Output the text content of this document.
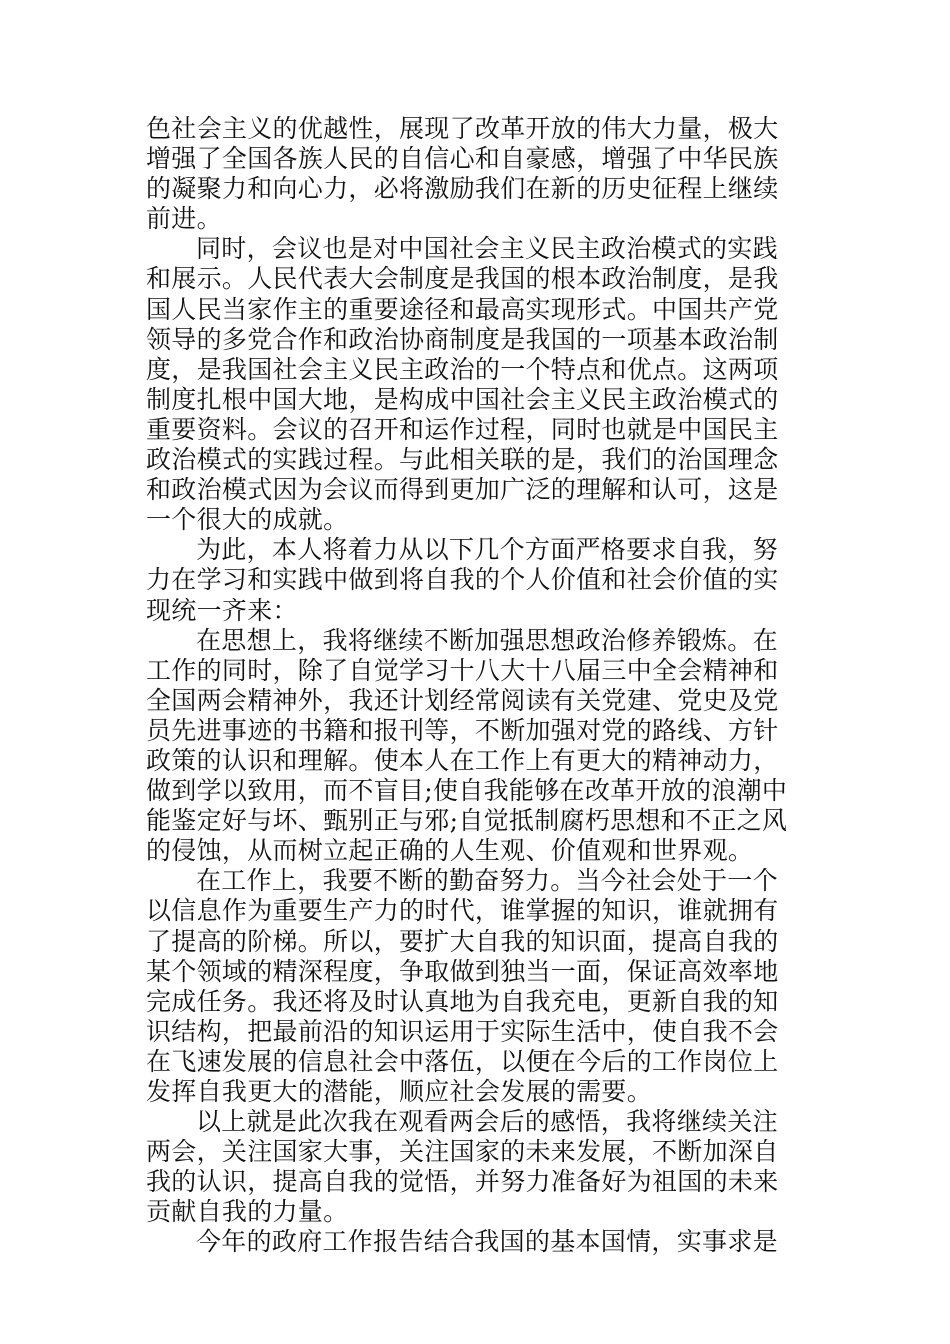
色社会主义的优越性，展现了改革开放的伟大力量，极大
增强了全国各族人民的自信心和自豪感，增强了中华民族
的凝聚力和向心力，必将激励我们在新的历史征程上继续
前进。
同时，会议也是对中国社会主义民主政治模式的实践
和展示。人民代表大会制度是我国的根本政治制度，是我
国人民当家作主的重要途径和最高实现形式。中国共产党
领导的多党合作和政治协商制度是我国的一项基本政治制
度，是我国社会主义民主政治的一个特点和优点。这两项
制度扎根中国大地，是构成中国社会主义民主政治模式的
重要资料。会议的召开和运作过程，同时也就是中国民主
政治模式的实践过程。与此相关联的是，我们的治国理念
和政治模式因为会议而得到更加广泛的理解和认可，这是
一个很大的成就。
为此，本人将着力从以下几个方面严格要求自我，努
力在学习和实践中做到将自我的个人价值和社会价值的实
现统一齐来：
在思想上，我将继续不断加强思想政治修养锻炼。在
工作的同时，除了自觉学习十八大十八届三中全会精神和
全国两会精神外，我还计划经常阅读有关党建、党史及党
员先进事迹的书籍和报刊等，不断加强对党的路线、方针
政策的认识和理解。使本人在工作上有更大的精神动力，
做到学以致用，而不盲目;使自我能够在改革开放的浪潮中
能鉴定好与坏、甄别正与邪;自觉抵制腐朽思想和不正之风
的侵蚀，从而树立起正确的人生观、价值观和世界观。
在工作上，我要不断的勤奋努力。当今社会处于一个
以信息作为重要生产力的时代，谁掌握的知识，谁就拥有
了提高的阶梯。所以，要扩大自我的知识面，提高自我的
某个领域的精深程度，争取做到独当一面，保证高效率地
完成任务。我还将及时认真地为自我充电，更新自我的知
识结构，把最前沿的知识运用于实际生活中，使自我不会
在飞速发展的信息社会中落伍，以便在今后的工作岗位上
发挥自我更大的潜能，顺应社会发展的需要。
以上就是此次我在观看两会后的感悟，我将继续关注
两会，关注国家大事，关注国家的未来发展，不断加深自
我的认识，提高自我的觉悟，并努力准备好为祖国的未来
贡献自我的力量。
今年的政府工作报告结合我国的基本国情，实事求是
